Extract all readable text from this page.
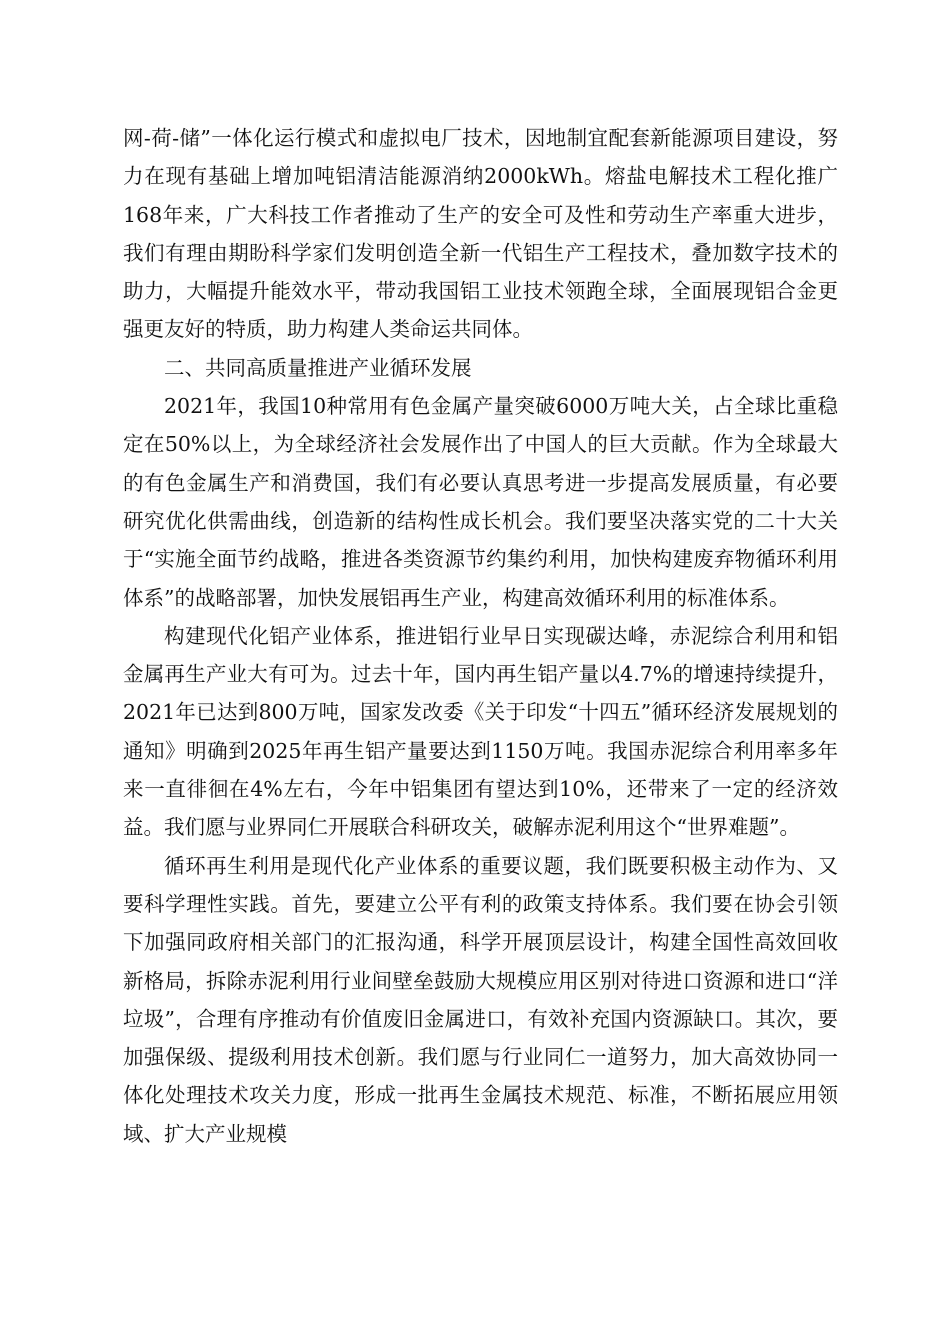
网-荷-储”一体化运行模式和虚拟电厂技术，因地制宜配套新能源项目建设，努力在现有基础上增加吨铝清洁能源消纳2000kWh。熔盐电解技术工程化推广168年来，广大科技工作者推动了生产的安全可及性和劳动生产率重大进步，我们有理由期盼科学家们发明创造全新一代铝生产工程技术，叠加数字技术的助力，大幅提升能效水平，带动我国铝工业技术领跑全球，全面展现铝合金更强更友好的特质，助力构建人类命运共同体。

二、共同高质量推进产业循环发展

2021年，我国10种常用有色金属产量突破6000万吨大关，占全球比重稳定在50%以上，为全球经济社会发展作出了中国人的巨大贡献。作为全球最大的有色金属生产和消费国，我们有必要认真思考进一步提高发展质量，有必要研究优化供需曲线，创造新的结构性成长机会。我们要坚决落实党的二十大关于“实施全面节约战略，推进各类资源节约集约利用，加快构建废弃物循环利用体系”的战略部署，加快发展铝再生产业，构建高效循环利用的标准体系。

构建现代化铝产业体系，推进铝行业早日实现碳达峰，赤泥综合利用和铝金属再生产业大有可为。过去十年，国内再生铝产量以4.7%的增速持续提升，2021年已达到800万吨，国家发改委《关于印发“十四五”循环经济发展规划的通知》明确到2025年再生铝产量要达到1150万吨。我国赤泥综合利用率多年来一直徘徊在4%左右，今年中铝集团有望达到10%，还带来了一定的经济效益。我们愿与业界同仁开展联合科研攻关，破解赤泥利用这个“世界难题”。

循环再生利用是现代化产业体系的重要议题，我们既要积极主动作为、又要科学理性实践。首先，要建立公平有利的政策支持体系。我们要在协会引领下加强同政府相关部门的汇报沟通，科学开展顶层设计，构建全国性高效回收新格局，拆除赤泥利用行业间壁垒鼓励大规模应用区别对待进口资源和进口“洋垃圾”，合理有序推动有价值废旧金属进口，有效补充国内资源缺口。其次，要加强保级、提级利用技术创新。我们愿与行业同仁一道努力，加大高效协同一体化处理技术攻关力度，形成一批再生金属技术规范、标准，不断拓展应用领域、扩大产业规模
